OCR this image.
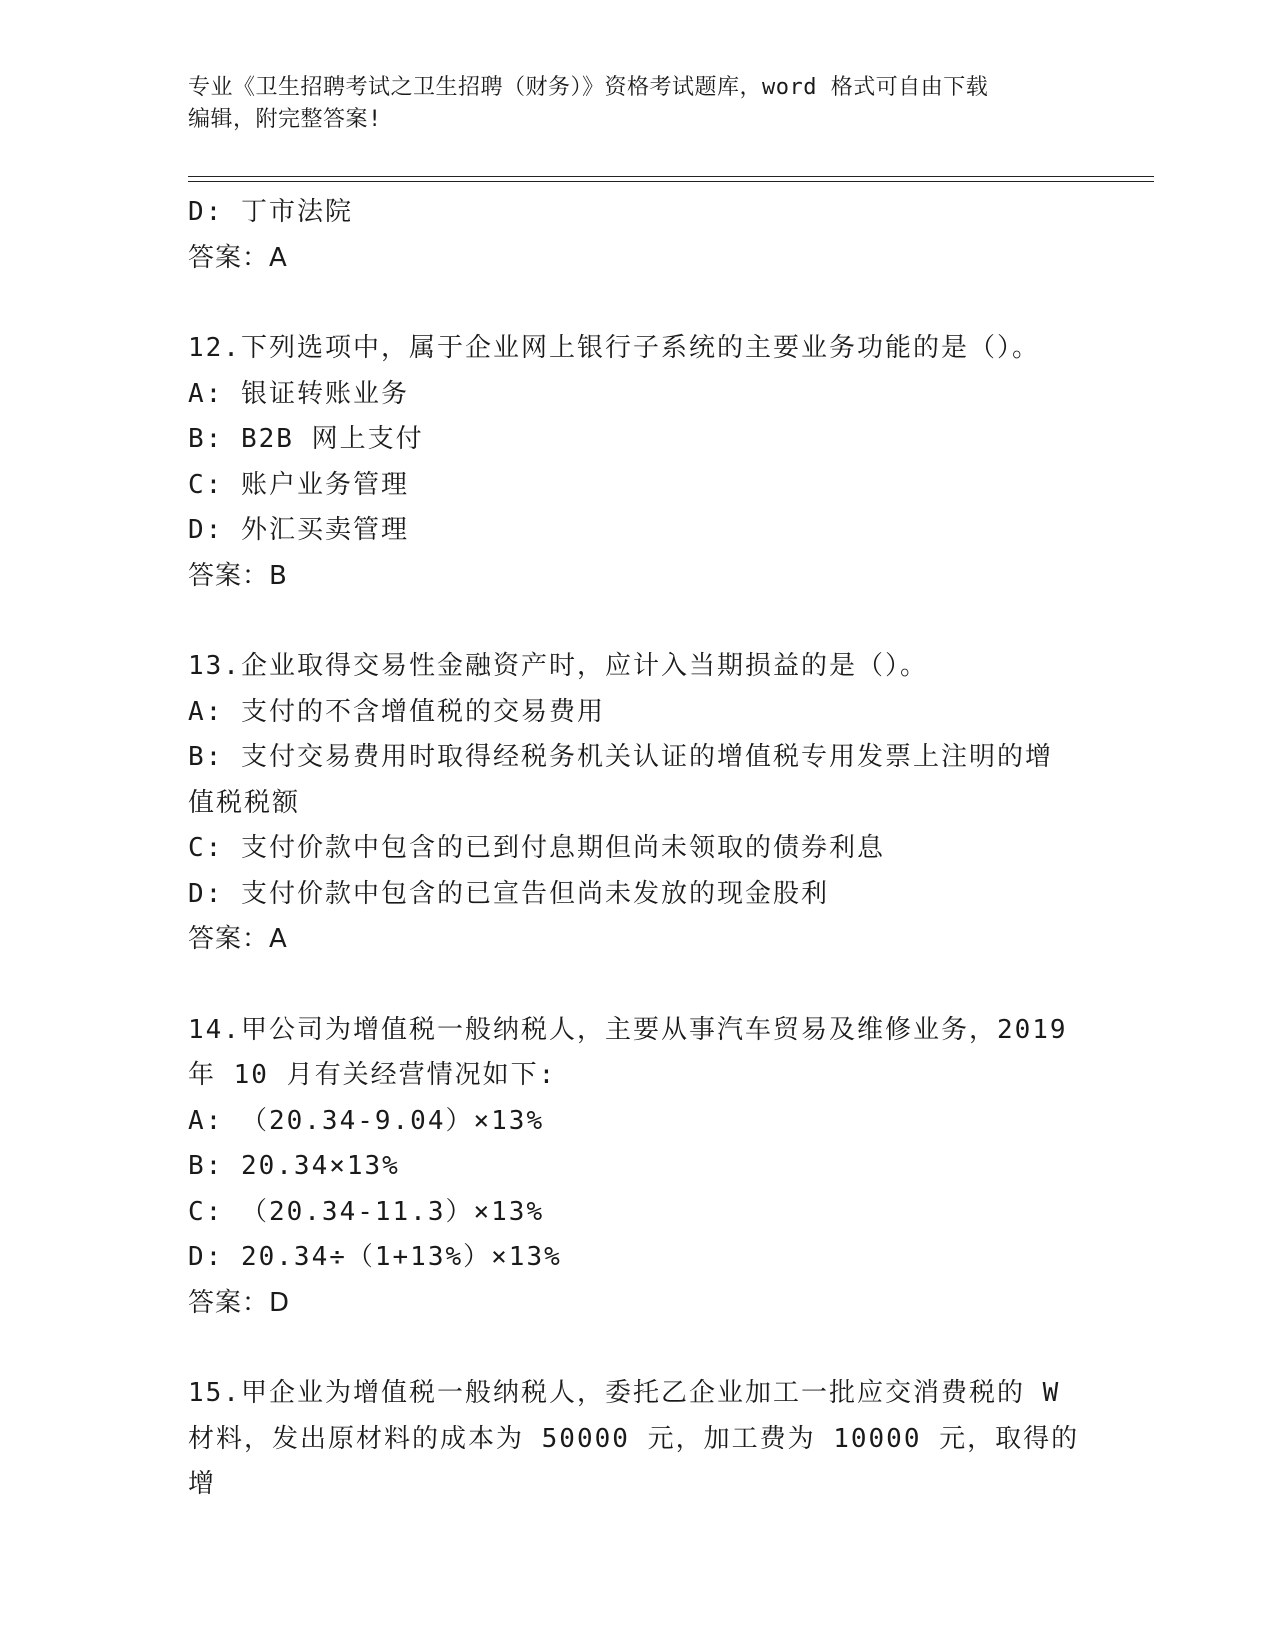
专业《卫生招聘考试之卫生招聘（财务）》资格考试题库，word 格式可自由下载
编辑，附完整答案!

D: 丁市法院

答案：A

12.下列选项中，属于企业网上银行子系统的主要业务功能的是（）。

A: 银证转账业务

B: B2B 网上支付

C: 账户业务管理

D: 外汇买卖管理

答案：B

13.企业取得交易性金融资产时，应计入当期损益的是（）。

A: 支付的不含增值税的交易费用

B: 支付交易费用时取得经税务机关认证的增值税专用发票上注明的增

值税税额

C: 支付价款中包含的已到付息期但尚未领取的债券利息

D: 支付价款中包含的已宣告但尚未发放的现金股利

答案：A

14.甲公司为增值税一般纳税人，主要从事汽车贸易及维修业务，2019

年 10 月有关经营情况如下:

A: （20.34-9.04）×13%

B: 20.34×13%

C: （20.34-11.3）×13%

D: 20.34÷（1+13%）×13%

答案：D

15.甲企业为增值税一般纳税人，委托乙企业加工一批应交消费税的 W

材料，发出原材料的成本为 50000 元，加工费为 10000 元，取得的增
